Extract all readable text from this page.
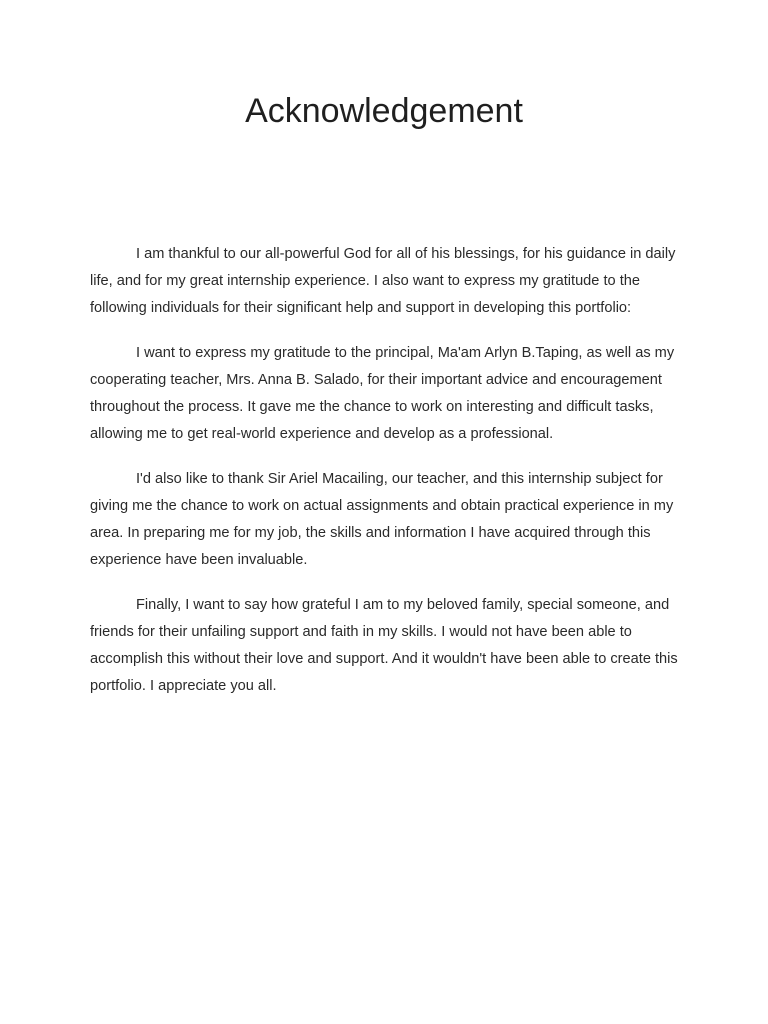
Acknowledgement

I am thankful to our all-powerful God for all of his blessings, for his guidance in daily life, and for my great internship experience. I also want to express my gratitude to the following individuals for their significant help and support in developing this portfolio:

I want to express my gratitude to the principal, Ma'am Arlyn B.Taping, as well as my cooperating teacher, Mrs. Anna B. Salado, for their important advice and encouragement throughout the process. It gave me the chance to work on interesting and difficult tasks, allowing me to get real-world experience and develop as a professional.

I'd also like to thank Sir Ariel Macailing, our teacher, and this internship subject for giving me the chance to work on actual assignments and obtain practical experience in my area. In preparing me for my job, the skills and information I have acquired through this experience have been invaluable.

Finally, I want to say how grateful I am to my beloved family, special someone, and friends for their unfailing support and faith in my skills. I would not have been able to accomplish this without their love and support. And it wouldn't have been able to create this portfolio. I appreciate you all.
